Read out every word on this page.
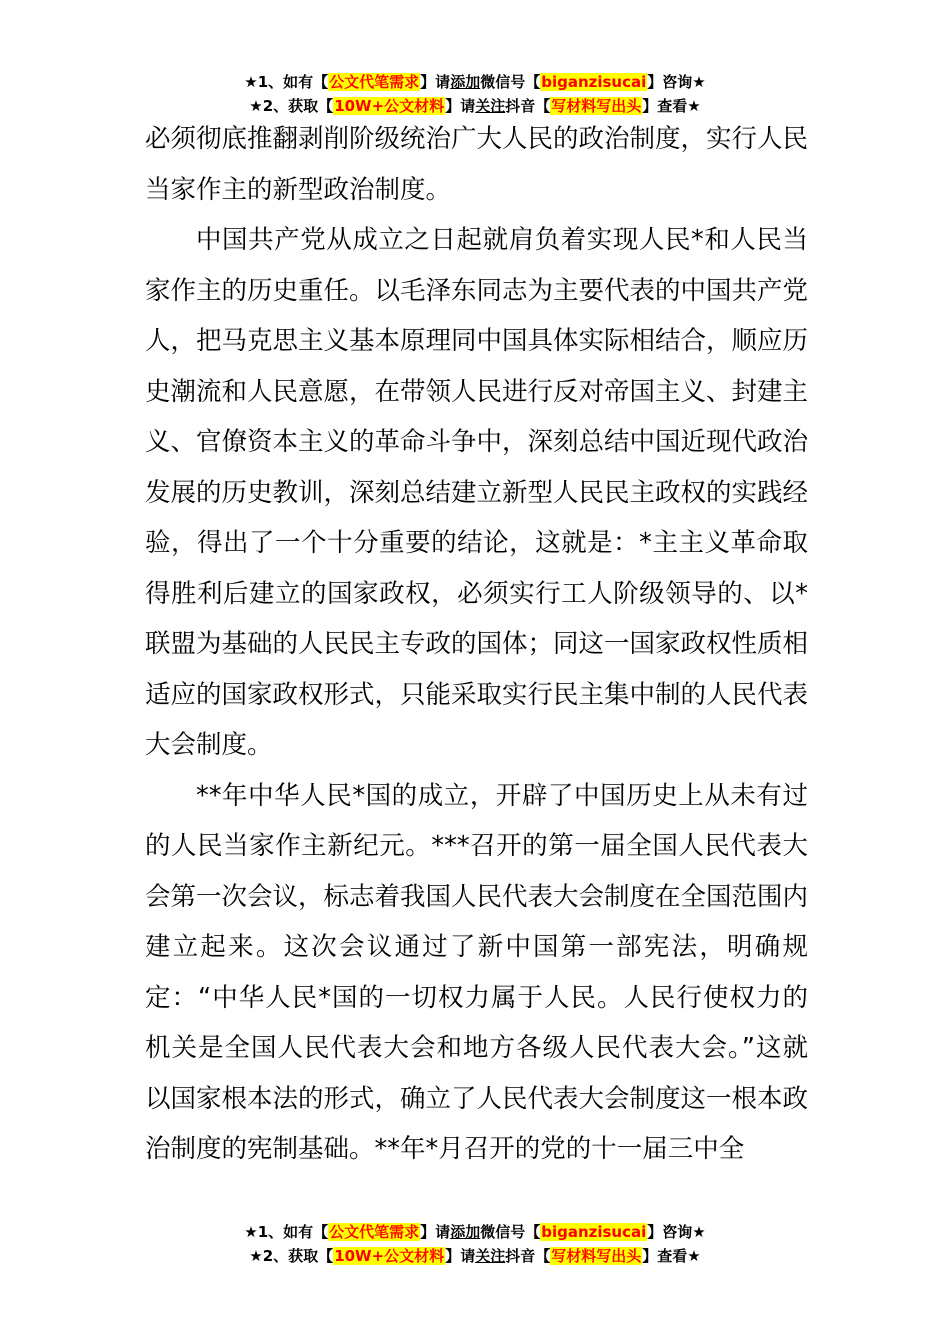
★1、如有【公文代笔需求】请添加微信号【biganzisucai】咨询★
★2、获取【10W+公文材料】请关注抖音【写材料写出头】查看★

必须彻底推翻剥削阶级统治广大人民的政治制度，实行人民当家作主的新型政治制度。

中国共产党从成立之日起就肩负着实现人民*和人民当家作主的历史重任。以毛泽东同志为主要代表的中国共产党人，把马克思主义基本原理同中国具体实际相结合，顺应历史潮流和人民意愿，在带领人民进行反对帝国主义、封建主义、官僚资本主义的革命斗争中，深刻总结中国近现代政治发展的历史教训，深刻总结建立新型人民民主政权的实践经验，得出了一个十分重要的结论，这就是：*主主义革命取得胜利后建立的国家政权，必须实行工人阶级领导的、以*联盟为基础的人民民主专政的国体；同这一国家政权性质相适应的国家政权形式，只能采取实行民主集中制的人民代表大会制度。

**年中华人民*国的成立，开辟了中国历史上从未有过的人民当家作主新纪元。***召开的第一届全国人民代表大会第一次会议，标志着我国人民代表大会制度在全国范围内建立起来。这次会议通过了新中国第一部宪法，明确规定：“中华人民*国的一切权力属于人民。人民行使权力的机关是全国人民代表大会和地方各级人民代表大会。”这就以国家根本法的形式，确立了人民代表大会制度这一根本政治制度的宪制基础。**年*月召开的党的十一届三中全

★1、如有【公文代笔需求】请添加微信号【biganzisucai】咨询★
★2、获取【10W+公文材料】请关注抖音【写材料写出头】查看★
